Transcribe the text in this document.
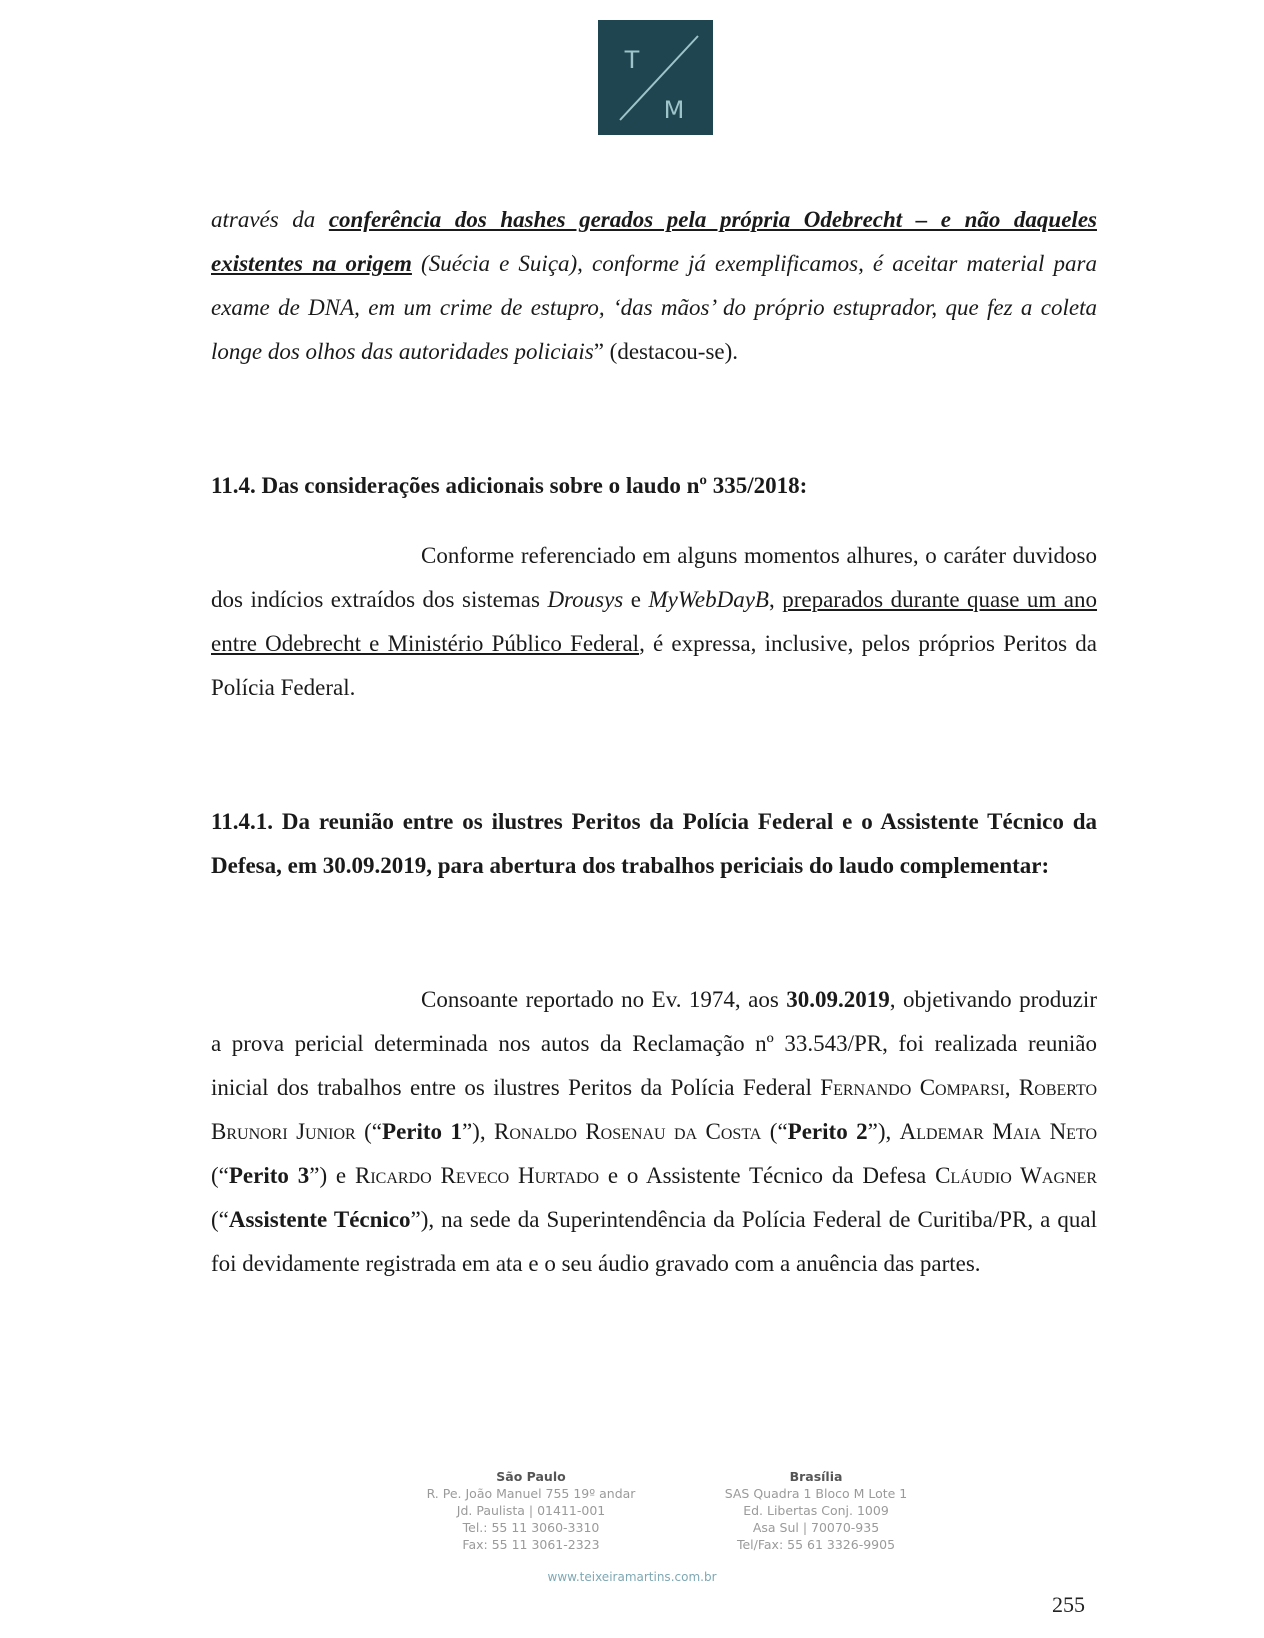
T
M

através da conferência dos hashes gerados pela própria Odebrecht – e não daqueles existentes na origem (Suécia e Suiça), conforme já exemplificamos, é aceitar material para exame de DNA, em um crime de estupro, ‘das mãos’ do próprio estuprador, que fez a coleta longe dos olhos das autoridades policiais” (destacou-se).

11.4. Das considerações adicionais sobre o laudo nº 335/2018:

Conforme referenciado em alguns momentos alhures, o caráter duvidoso dos indícios extraídos dos sistemas Drousys e MyWebDayB, preparados durante quase um ano entre Odebrecht e Ministério Público Federal, é expressa, inclusive, pelos próprios Peritos da Polícia Federal.

11.4.1. Da reunião entre os ilustres Peritos da Polícia Federal e o Assistente Técnico da Defesa, em 30.09.2019, para abertura dos trabalhos periciais do laudo complementar:

Consoante reportado no Ev. 1974, aos 30.09.2019, objetivando produzir a prova pericial determinada nos autos da Reclamação nº 33.543/PR, foi realizada reunião inicial dos trabalhos entre os ilustres Peritos da Polícia Federal Fernando Comparsi, Roberto Brunori Junior (“Perito 1”), Ronaldo Rosenau da Costa (“Perito 2”), Aldemar Maia Neto (“Perito 3”) e Ricardo Reveco Hurtado e o Assistente Técnico da Defesa Cláudio Wagner (“Assistente Técnico”), na sede da Superintendência da Polícia Federal de Curitiba/PR, a qual foi devidamente registrada em ata e o seu áudio gravado com a anuência das partes.

São Paulo
R. Pe. João Manuel 755 19º andar
Jd. Paulista | 01411-001
Tel.: 55 11 3060-3310
Fax: 55 11 3061-2323
Brasília
SAS Quadra 1 Bloco M Lote 1
Ed. Libertas Conj. 1009
Asa Sul | 70070-935
Tel/Fax: 55 61 3326-9905
www.teixeiramartins.com.br
255
